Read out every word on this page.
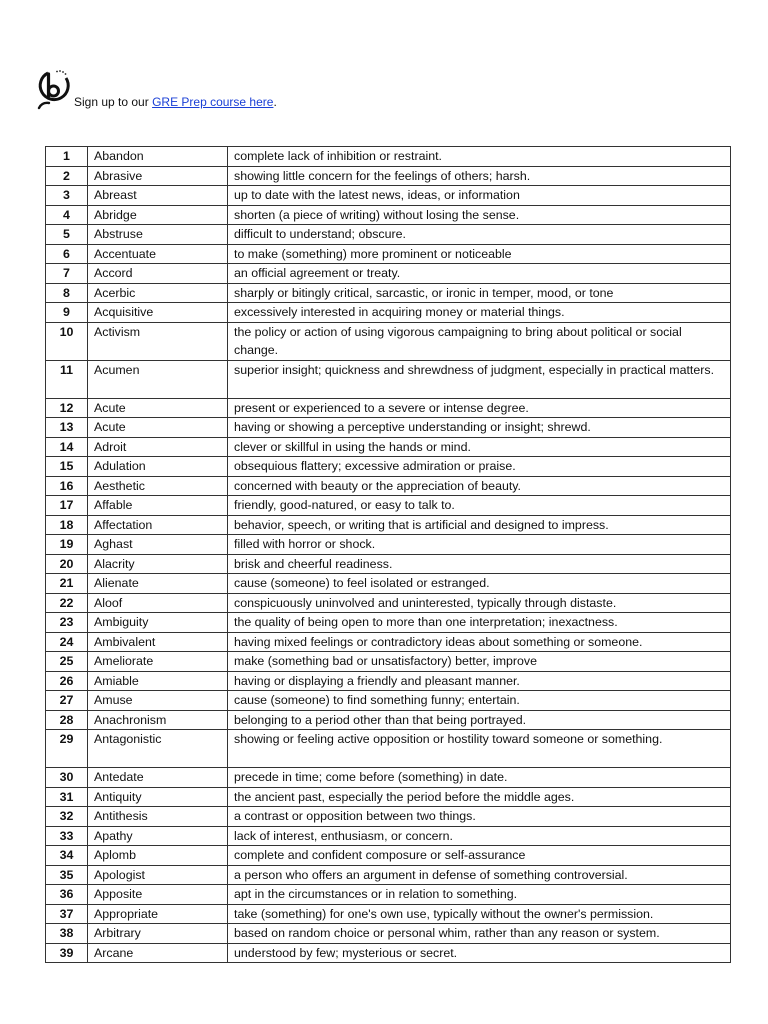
Sign up to our GRE Prep course here.
1	Abandon	complete lack of inhibition or restraint.
2	Abrasive	showing little concern for the feelings of others; harsh.
3	Abreast	up to date with the latest news, ideas, or information
4	Abridge	shorten (a piece of writing) without losing the sense.
5	Abstruse	difficult to understand; obscure.
6	Accentuate	to make (something) more prominent or noticeable
7	Accord	an official agreement or treaty.
8	Acerbic	sharply or bitingly critical, sarcastic, or ironic in temper, mood, or tone
9	Acquisitive	excessively interested in acquiring money or material things.
10	Activism	the policy or action of using vigorous campaigning to bring about political or social change.
11	Acumen	superior insight; quickness and shrewdness of judgment, especially in practical matters.
12	Acute	present or experienced to a severe or intense degree.
13	Acute	having or showing a perceptive understanding or insight; shrewd.
14	Adroit	clever or skillful in using the hands or mind.
15	Adulation	obsequious flattery; excessive admiration or praise.
16	Aesthetic	concerned with beauty or the appreciation of beauty.
17	Affable	friendly, good-natured, or easy to talk to.
18	Affectation	behavior, speech, or writing that is artificial and designed to impress.
19	Aghast	filled with horror or shock.
20	Alacrity	brisk and cheerful readiness.
21	Alienate	cause (someone) to feel isolated or estranged.
22	Aloof	conspicuously uninvolved and uninterested, typically through distaste.
23	Ambiguity	the quality of being open to more than one interpretation; inexactness.
24	Ambivalent	having mixed feelings or contradictory ideas about something or someone.
25	Ameliorate	make (something bad or unsatisfactory) better, improve
26	Amiable	having or displaying a friendly and pleasant manner.
27	Amuse	cause (someone) to find something funny; entertain.
28	Anachronism	belonging to a period other than that being portrayed.
29	Antagonistic	showing or feeling active opposition or hostility toward someone or something.
30	Antedate	precede in time; come before (something) in date.
31	Antiquity	the ancient past, especially the period before the middle ages.
32	Antithesis	a contrast or opposition between two things.
33	Apathy	lack of interest, enthusiasm, or concern.
34	Aplomb	complete and confident composure or self-assurance
35	Apologist	a person who offers an argument in defense of something controversial.
36	Apposite	apt in the circumstances or in relation to something.
37	Appropriate	take (something) for one's own use, typically without the owner's permission.
38	Arbitrary	based on random choice or personal whim, rather than any reason or system.
39	Arcane	understood by few; mysterious or secret.
